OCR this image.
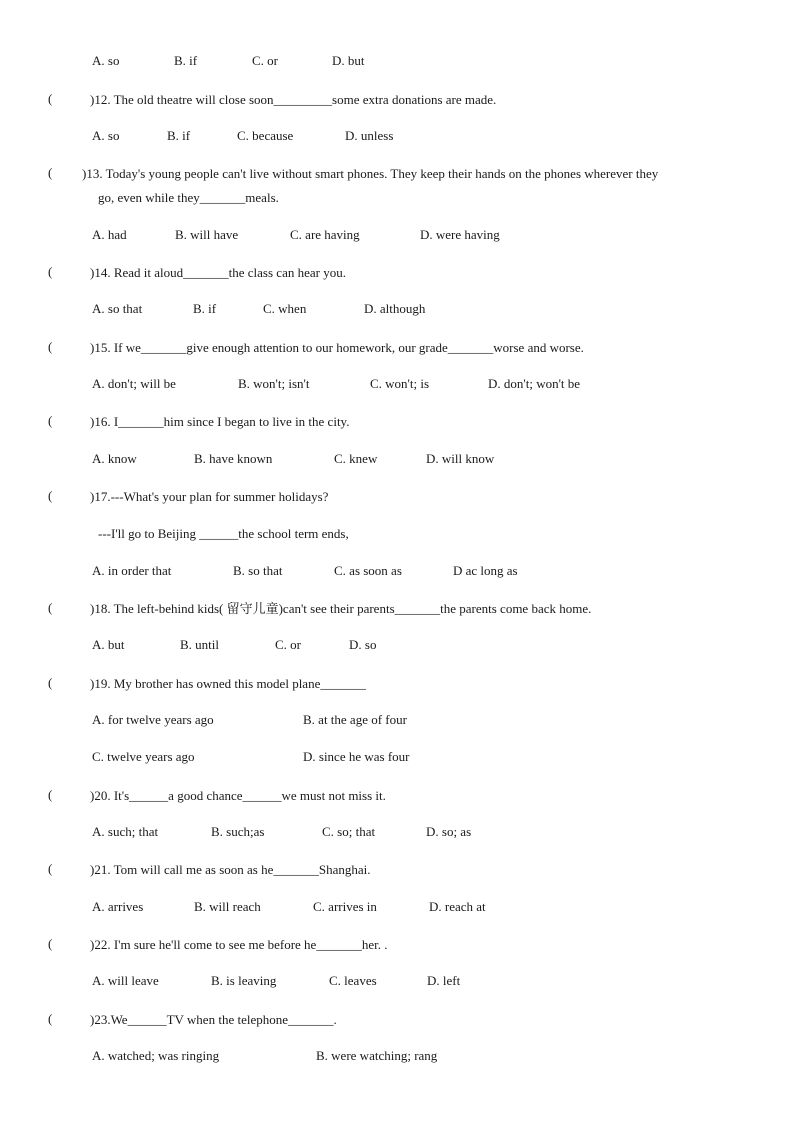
A. so	B. if	C. or	D. but
(	)12. The old theatre will close soon_________some extra donations are made.
A. so	B. if	C. because	D. unless
( )13. Today's young people can't live without smart phones. They keep their hands on the phones wherever they
go, even while they_______meals.
A. had	B. will have	C. are having	D. were having
(	)14. Read it aloud_______the class can hear you.
A. so that	B. if	C. when	D. although
(	)15. If we_______give enough attention to our homework, our grade_______worse and worse.
A. don't; will be	B. won't; isn't	C. won't; is	D. don't; won't be
(	)16. I_______him since I began to live in the city.
A. know	B. have known	C. knew	D. will know
(	)17.---What's your plan for summer holidays?
---I'll go to Beijing ______the school term ends,
A. in order that	B. so that	C. as soon as	D ac long as
(	)18. The left-behind kids( 留守儿童)can't see their parents_______the parents come back home.
A. but	B. until	C. or	D. so
(	)19. My brother has owned this model plane_______
A. for twelve years ago	B. at the age of four
C. twelve years ago	D. since he was four
(	)20. It's______a good chance______we must not miss it.
A. such; that	B. such;as	C. so; that	D. so; as
(	)21. Tom will call me as soon as he_______Shanghai.
A. arrives	B. will reach	C. arrives in	D. reach at
(	)22. I'm sure he'll come to see me before he_______her. .
A. will leave	B. is leaving	C. leaves	D. left
(	)23.We______TV when the telephone_______.
A. watched; was ringing	B. were watching; rang
